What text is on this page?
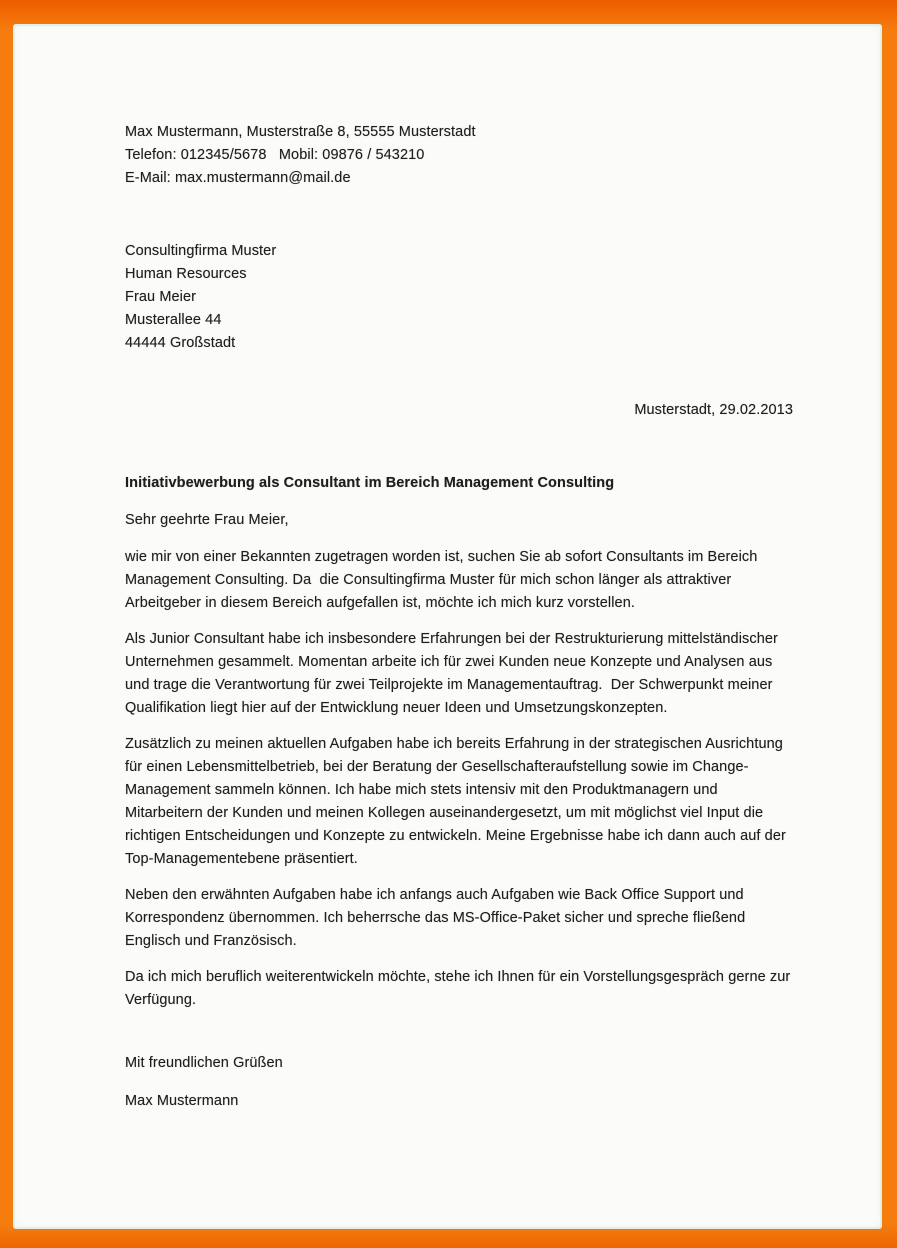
Max Mustermann, Musterstraße 8, 55555 Musterstadt
Telefon: 012345/5678   Mobil: 09876 / 543210
E-Mail: max.mustermann@mail.de
Consultingfirma Muster
Human Resources
Frau Meier
Musterallee 44
44444 Großstadt
Musterstadt, 29.02.2013
Initiativbewerbung als Consultant im Bereich Management Consulting
Sehr geehrte Frau Meier,

wie mir von einer Bekannten zugetragen worden ist, suchen Sie ab sofort Consultants im Bereich Management Consulting. Da  die Consultingfirma Muster für mich schon länger als attraktiver Arbeitgeber in diesem Bereich aufgefallen ist, möchte ich mich kurz vorstellen.

Als Junior Consultant habe ich insbesondere Erfahrungen bei der Restrukturierung mittelständischer Unternehmen gesammelt. Momentan arbeite ich für zwei Kunden neue Konzepte und Analysen aus und trage die Verantwortung für zwei Teilprojekte im Managementauftrag.  Der Schwerpunkt meiner Qualifikation liegt hier auf der Entwicklung neuer Ideen und Umsetzungskonzepten.

Zusätzlich zu meinen aktuellen Aufgaben habe ich bereits Erfahrung in der strategischen Ausrichtung für einen Lebensmittelbetrieb, bei der Beratung der Gesellschafteraufstellung sowie im Change-Management sammeln können. Ich habe mich stets intensiv mit den Produktmanagern und Mitarbeitern der Kunden und meinen Kollegen auseinandergesetzt, um mit möglichst viel Input die richtigen Entscheidungen und Konzepte zu entwickeln. Meine Ergebnisse habe ich dann auch auf der Top-Managementebene präsentiert.

Neben den erwähnten Aufgaben habe ich anfangs auch Aufgaben wie Back Office Support und Korrespondenz übernommen. Ich beherrsche das MS-Office-Paket sicher und spreche fließend Englisch und Französisch.

Da ich mich beruflich weiterentwickeln möchte, stehe ich Ihnen für ein Vorstellungsgespräch gerne zur Verfügung.

Mit freundlichen Grüßen
Max Mustermann
